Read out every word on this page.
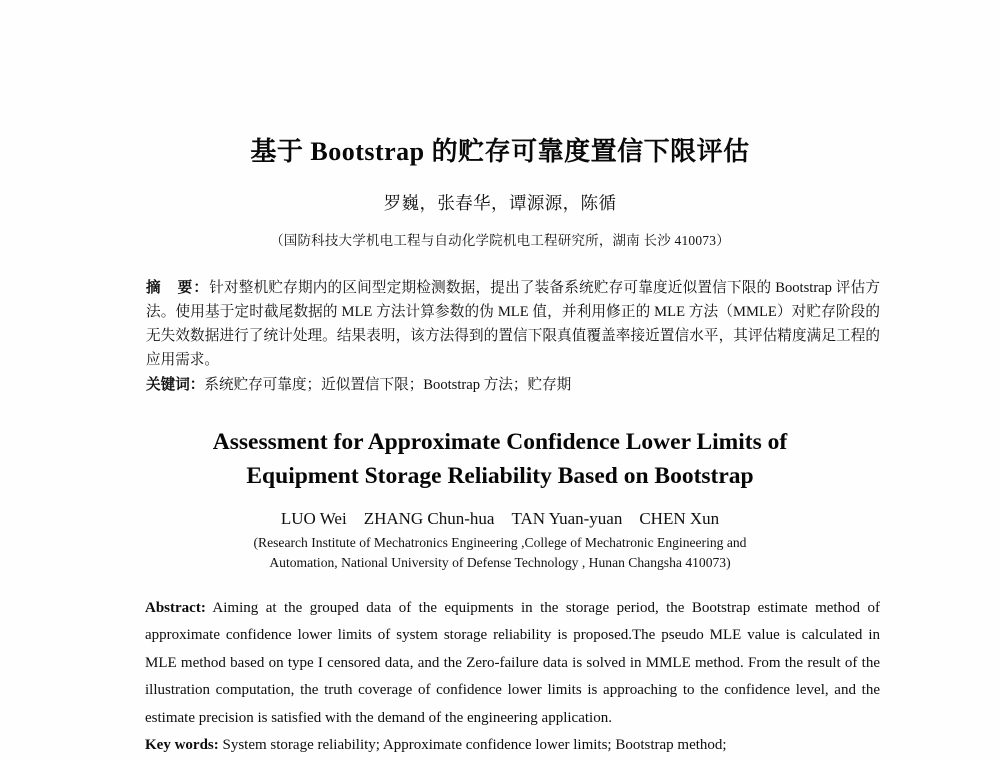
基于 Bootstrap 的贮存可靠度置信下限评估

罗巍，张春华，谭源源，陈循

（国防科技大学机电工程与自动化学院机电工程研究所，湖南 长沙 410073）

摘　要：针对整机贮存期内的区间型定期检测数据，提出了装备系统贮存可靠度近似置信下限的 Bootstrap 评估方法。使用基于定时截尾数据的 MLE 方法计算参数的伪 MLE 值，并利用修正的 MLE 方法（MMLE）对贮存阶段的无失效数据进行了统计处理。结果表明，该方法得到的置信下限真值覆盖率接近置信水平，其评估精度满足工程的应用需求。

关键词：系统贮存可靠度；近似置信下限；Bootstrap 方法；贮存期

Assessment for Approximate Confidence Lower Limits of
Equipment Storage Reliability Based on Bootstrap

LUO Wei ZHANG Chun-hua TAN Yuan-yuan CHEN Xun

(Research Institute of Mechatronics Engineering ,College of Mechatronic Engineering and
Automation, National University of Defense Technology , Hunan Changsha 410073)

Abstract: Aiming at the grouped data of the equipments in the storage period, the Bootstrap estimate method of approximate confidence lower limits of system storage reliability is proposed.The pseudo MLE value is calculated in MLE method based on type I censored data, and the Zero-failure data is solved in MMLE method. From the result of the illustration computation, the truth coverage of confidence lower limits is approaching to the confidence level, and the estimate precision is satisfied with the demand of the engineering application.

Key words: System storage reliability; Approximate confidence lower limits; Bootstrap method;
